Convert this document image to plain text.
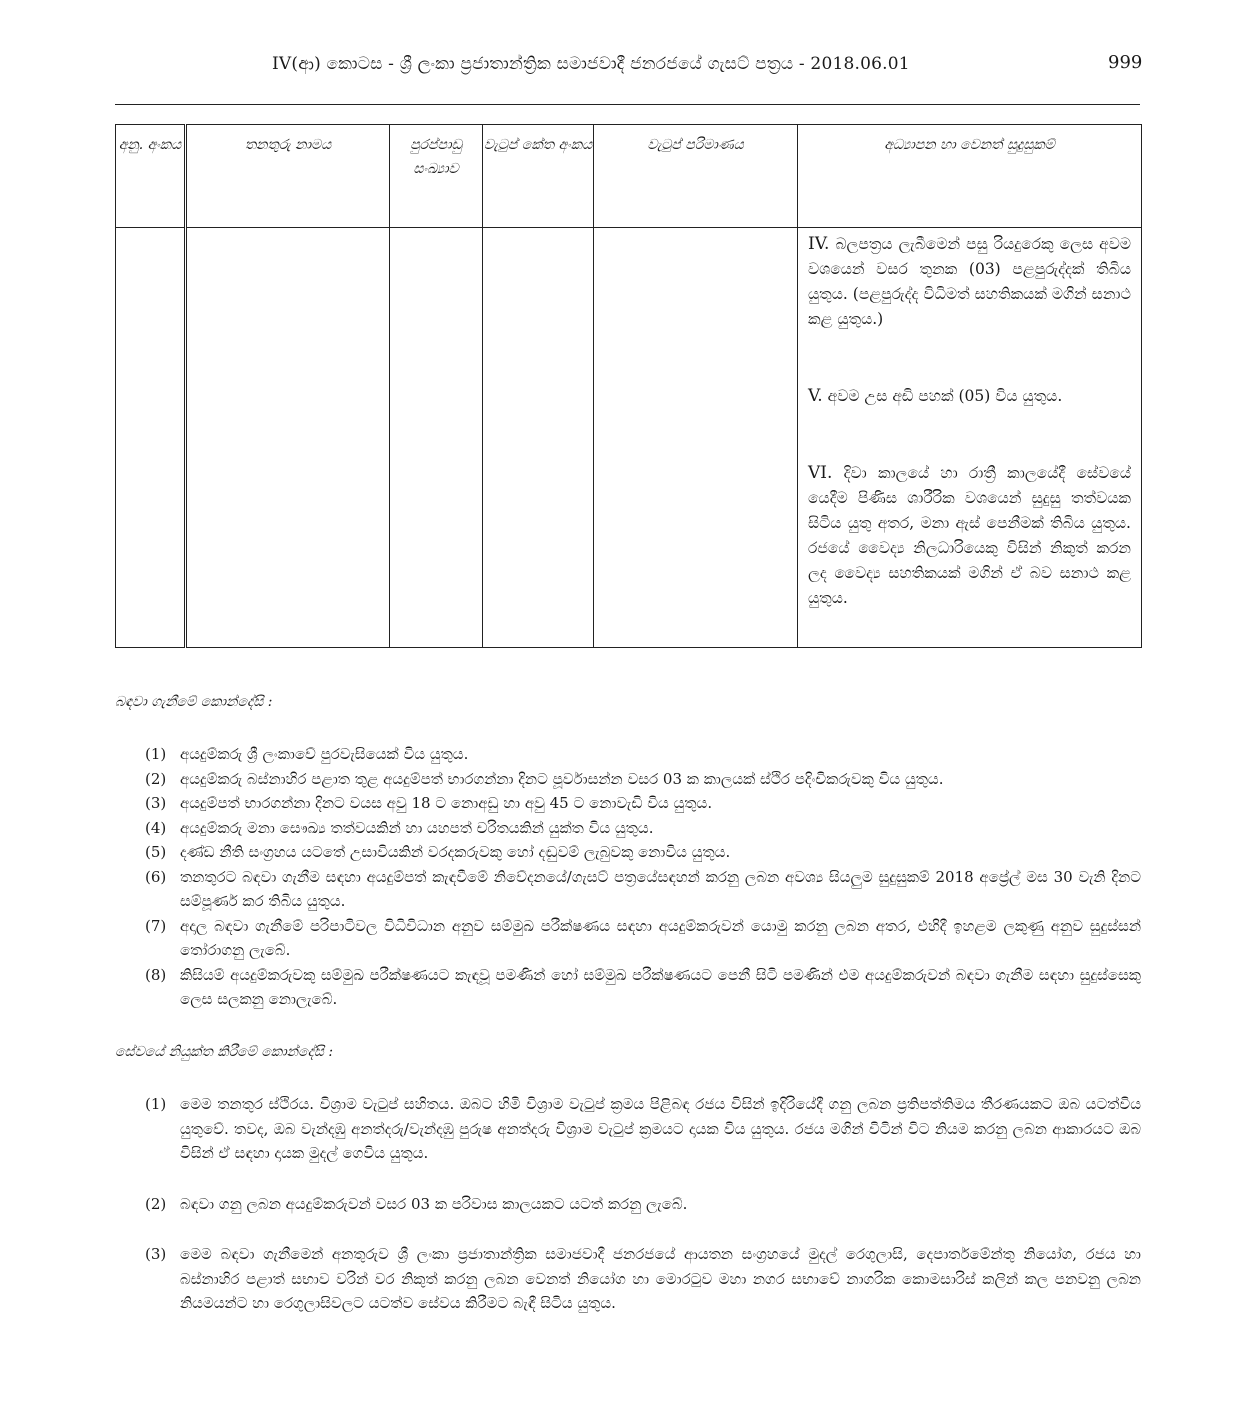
IV(ආ) කොටස - ශ්‍රී ලංකා ප්‍රජාතාන්ත්‍රික සමාජවාදී ජනරජයේ ගැසට් පත්‍රය - 2018.06.01	999
අනු. අංකය	තනතුරු නාමය	පුරප්පාඩු සංඛ්‍යාව	වැටුප් කේත අංකය	වැටුප් පරිමාණය	අධ්‍යාපන හා වෙනත් සුදුසුකම්

					IV. බලපත්‍රය ලැබීමෙන් පසු රියදුරෙකු ලෙස අවම වශයෙන් වසර තුනක (03) පළපුරුද්දක් තිබිය යුතුය. (පළපුරුද්ද විධිමත් සහතිකයක් මගින් සනාථ කළ යුතුය.)

V. අවම උස අඩි පහක් (05) විය යුතුය.

VI. දිවා කාලයේ හා රාත්‍රී කාලයේදී සේවයේ යෙදීම පිණිස ශාරීරික වශයෙන් සුදුසු තත්වයක සිටිය යුතු අතර, මනා ඇස් පෙනීමක් තිබිය යුතුය. රජයේ වෛද්‍ය නිලධාරියෙකු විසින් නිකුත් කරන ලද වෛද්‍ය සහතිකයක් මගින් ඒ බව සනාථ කළ යුතුය.

බඳවා ගැනීමේ කොන්දේසි :
(1) අයදුම්කරු ශ්‍රී ලංකාවේ පුරවැසියෙක් විය යුතුය.
(2) අයදුම්කරු බස්නාහිර පළාත තුළ අයදුම්පත් භාරගන්නා දිනට පූර්වාසන්න වසර 03 ක කාලයක් ස්ථිර පදිංචිකරුවකු විය යුතුය.
(3) අයදුම්පත් භාරගන්නා දිනට වයස අවු 18 ට නොඅඩු හා අවු 45 ට නොවැඩි විය යුතුය.
(4) අයදුම්කරු මනා සෞඛ්‍ය තත්වයකින් හා යහපත් චරිතයකින් යුක්ත විය යුතුය.
(5) දණ්ඩ නීති සංග්‍රහය යටතේ උසාවියකින් වරදකරුවකු හෝ දඬුවම් ලැබුවකු නොවිය යුතුය.
(6) තනතුරට බඳවා ගැනීම සඳහා අයදුම්පත් කැඳවීමේ නිවේදනයේ/ගැසට් පත්‍රයේසඳහන් කරනු ලබන අවශ්‍ය සියලුම සුදුසුකම් 2018 අප්‍රේල් මස 30 වැනි දිනට සම්පූර්ණ කර තිබිය යුතුය.
(7) අදාල බඳවා ගැනීමේ පරිපාටිවල විධිවිධාන අනුව සම්මුඛ පරීක්ෂණය සඳහා අයදුම්කරුවන් යොමු කරනු ලබන අතර, එහිදී ඉහළම ලකුණු අනුව සුදුස්සන් තෝරාගනු ලැබේ.
(8) කිසියම් අයදුම්කරුවකු සම්මුඛ පරීක්ෂණයට කැඳවූ පමණින් හෝ සම්මුඛ පරීක්ෂණයට පෙනී සිටි පමණින් එම අයදුම්කරුවන් බඳවා ගැනීම සඳහා සුදුස්සෙකු ලෙස සලකනු නොලැබේ.
සේවයේ නියුක්ත කිරීමේ කොන්දේසි :
(1) මෙම තනතුර ස්ථිරය. විශ්‍රාම වැටුප් සහිතය. ඔබට හිමි විශ්‍රාම වැටුප් ක්‍රමය පිළිබඳ රජය විසින් ඉදිරියේදී ගනු ලබන ප්‍රතිපත්තිමය තීරණයකට ඔබ යටත්විය යුතුවේ. තවද, ඔබ වැන්දඹු අනත්දරු/වැන්දඹු පුරුෂ අනත්දරු විශ්‍රාම වැටුප් ක්‍රමයට දායක විය යුතුය. රජය මගින් විටින් විට නියම කරනු ලබන ආකාරයට ඔබ විසින් ඒ සඳහා දායක මුදල් ගෙවිය යුතුය.
(2) බඳවා ගනු ලබන අයදුම්කරුවන් වසර 03 ක පරිවාස කාලයකට යටත් කරනු ලැබේ.
(3) මෙම බඳවා ගැනීමෙන් අනතුරුව ශ්‍රී ලංකා ප්‍රජාතාන්ත්‍රික සමාජවාදී ජනරජයේ ආයතන සංග්‍රහයේ මුදල් රෙගුලාසි, දෙපාර්තමේන්තු නියෝග, රජය හා බස්නාහිර පළාත් සභාව වරින් වර නිකුත් කරනු ලබන වෙනත් නියෝග හා මොරටුව මහා නගර සභාවේ නාගරික කොමසාරිස් කලින් කල පනවනු ලබන නියමයන්ට හා රෙගුලාසිවලට යටත්ව සේවය කිරීමට බැඳී සිටිය යුතුය.
